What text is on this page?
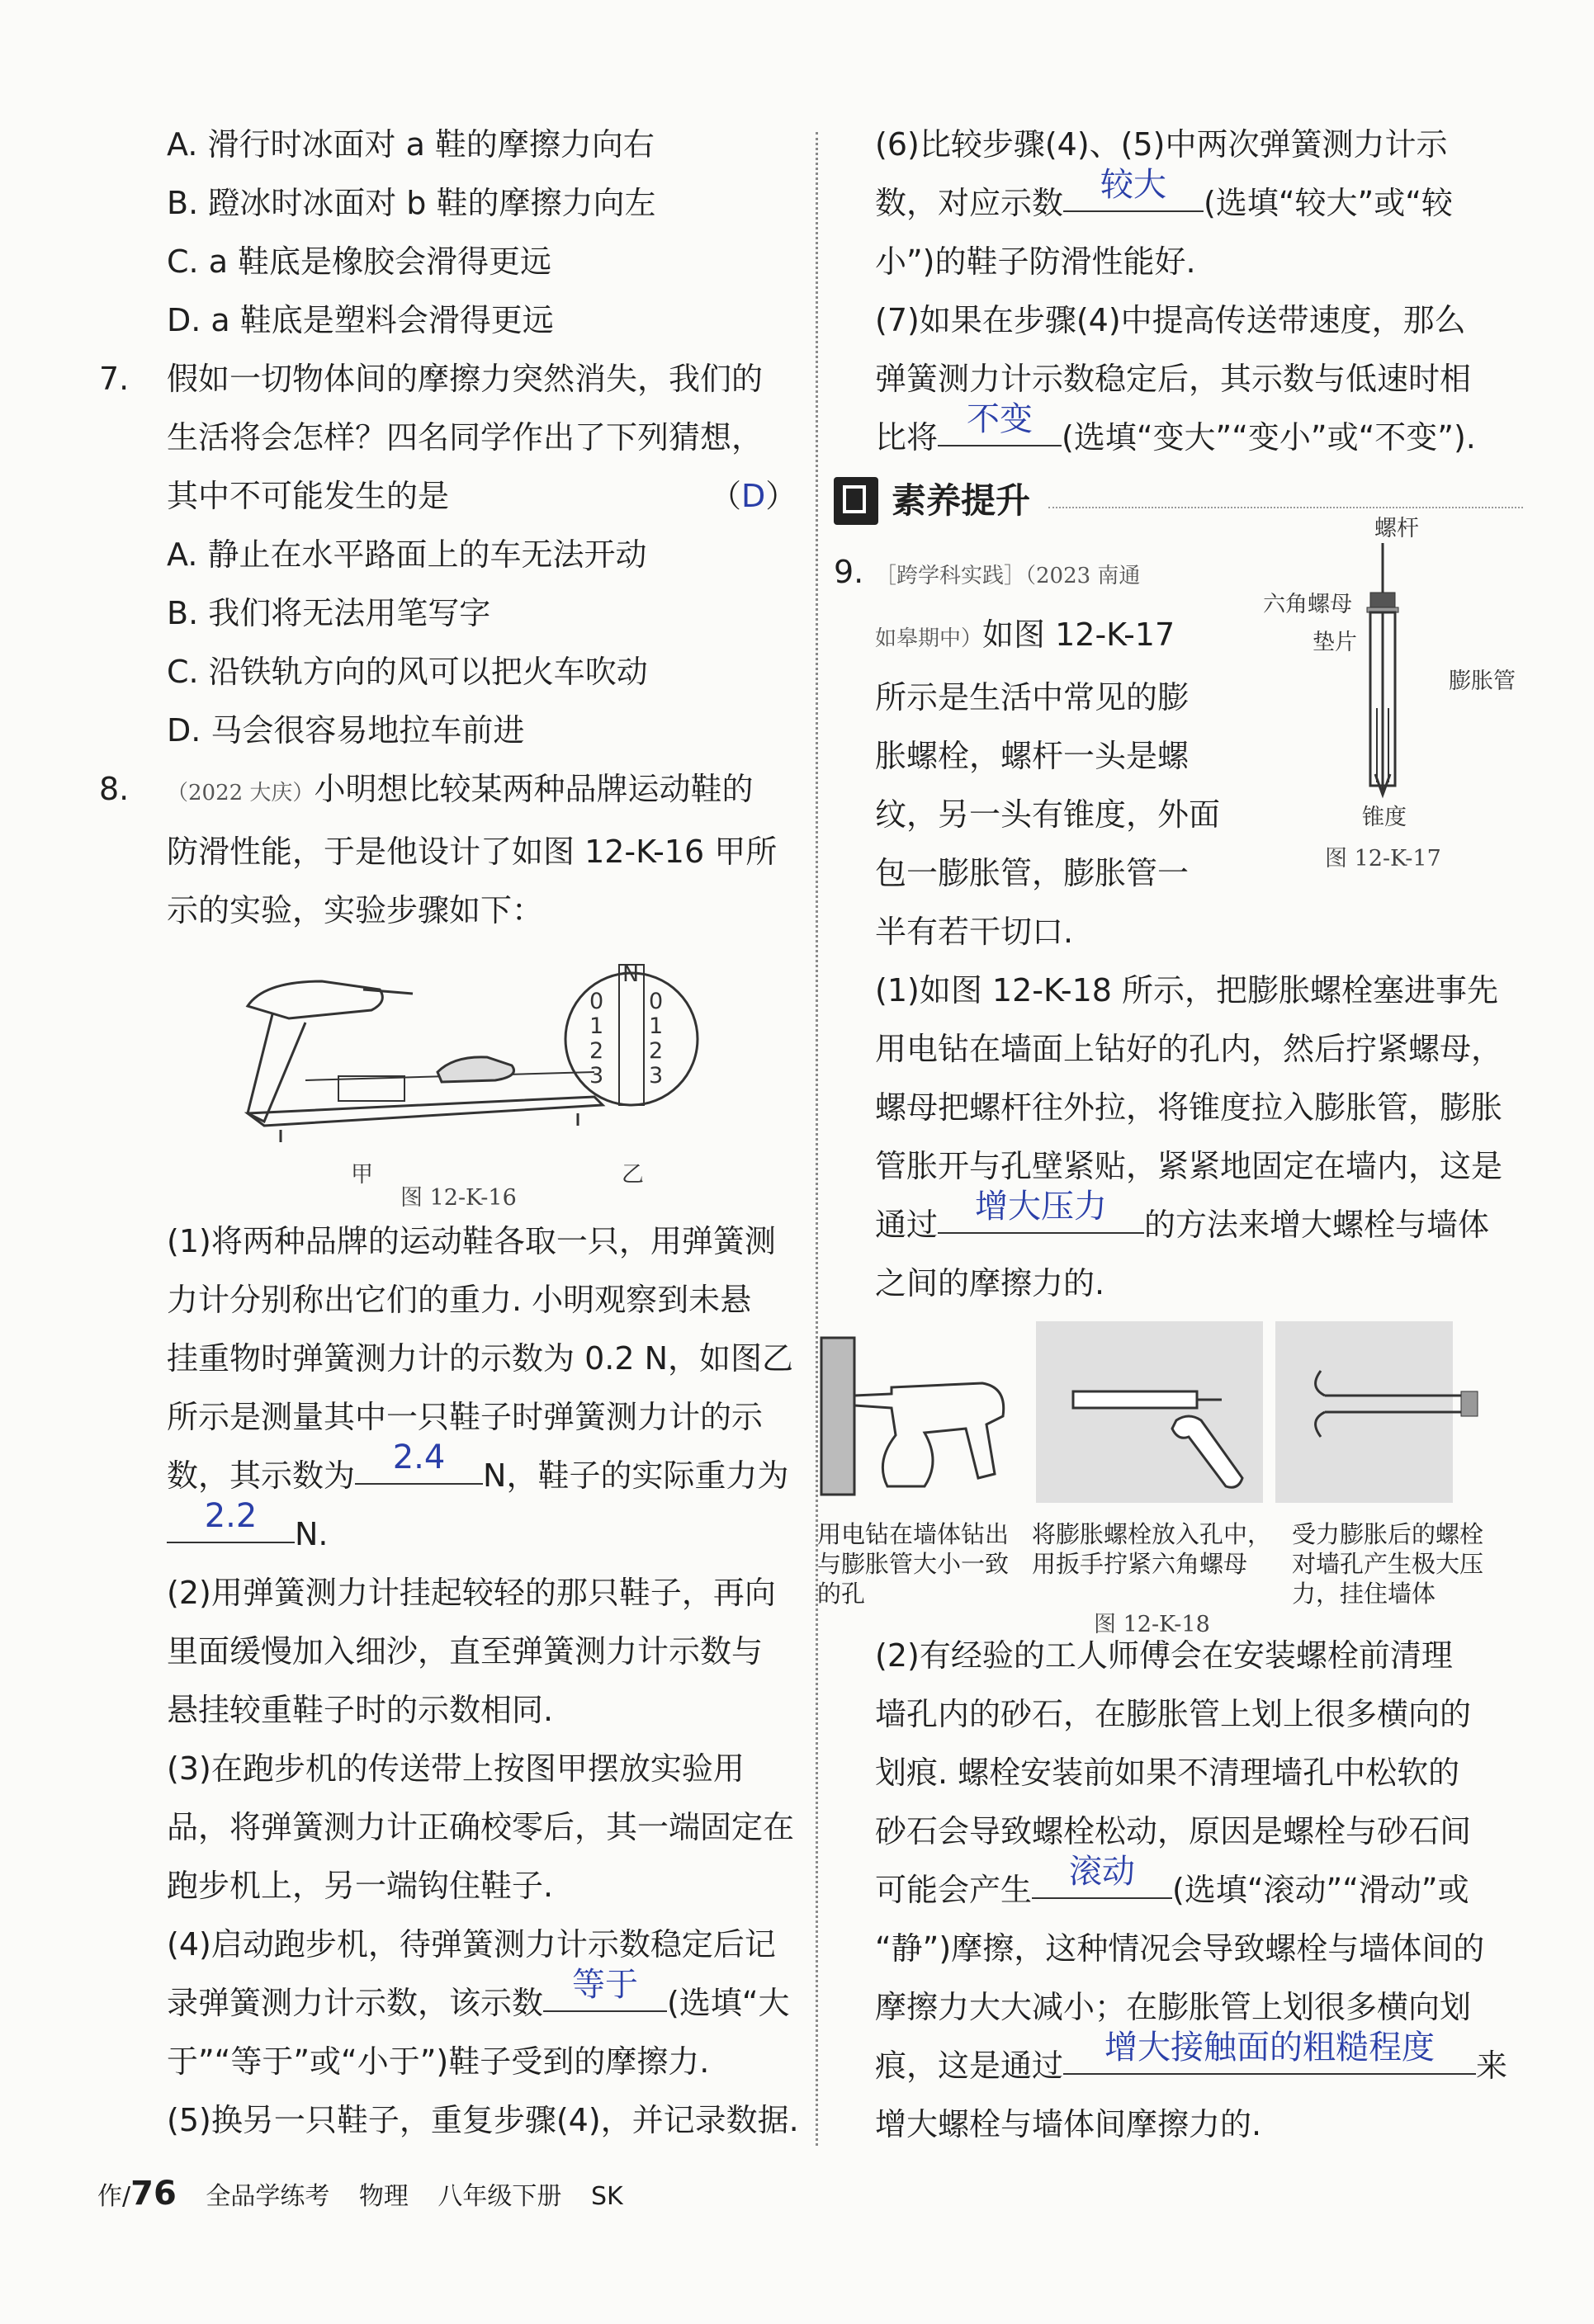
A. 滑行时冰面对 a 鞋的摩擦力向右
B. 蹬冰时冰面对 b 鞋的摩擦力向左
C. a 鞋底是橡胶会滑得更远
D. a 鞋底是塑料会滑得更远
7. 假如一切物体间的摩擦力突然消失，我们的
生活将会怎样？四名同学作出了下列猜想，
其中不可能发生的是	（D）
A. 静止在水平路面上的车无法开动
B. 我们将无法用笔写字
C. 沿铁轨方向的风可以把火车吹动
D. 马会很容易地拉车前进
8. （2022 大庆）小明想比较某两种品牌运动鞋的
防滑性能，于是他设计了如图 12-K-16 甲所
示的实验，实验步骤如下：
N
0
1
2
3
0
1
2
3
甲	乙
图 12-K-16
(1)将两种品牌的运动鞋各取一只，用弹簧测
力计分别称出它们的重力. 小明观察到未悬
挂重物时弹簧测力计的示数为 0.2 N，如图乙
所示是测量其中一只鞋子时弹簧测力计的示
数，其示数为 2.4 N，鞋子的实际重力为
2.2 N.
(2)用弹簧测力计挂起较轻的那只鞋子，再向
里面缓慢加入细沙，直至弹簧测力计示数与
悬挂较重鞋子时的示数相同.
(3)在跑步机的传送带上按图甲摆放实验用
品，将弹簧测力计正确校零后，其一端固定在
跑步机上，另一端钩住鞋子.
(4)启动跑步机，待弹簧测力计示数稳定后记
录弹簧测力计示数，该示数 等于 (选填“大
于”“等于”或“小于”)鞋子受到的摩擦力.
(5)换另一只鞋子，重复步骤(4)，并记录数据.
(6)比较步骤(4)、(5)中两次弹簧测力计示
数，对应示数 较大 (选填“较大”或“较
小”)的鞋子防滑性能好.
(7)如果在步骤(4)中提高传送带速度，那么
弹簧测力计示数稳定后，其示数与低速时相
比将 不变 (选填“变大”“变小”或“不变”).
素养提升
9. ［跨学科实践］（2023 南通
如皋期中）如图 12-K-17
所示是生活中常见的膨
胀螺栓，螺杆一头是螺
纹，另一头有锥度，外面
包一膨胀管，膨胀管一
半有若干切口.
螺杆
六角螺母
垫片
膨胀管
锥度
图 12-K-17
(1)如图 12-K-18 所示，把膨胀螺栓塞进事先
用电钻在墙面上钻好的孔内，然后拧紧螺母，
螺母把螺杆往外拉，将锥度拉入膨胀管，膨胀
管胀开与孔壁紧贴，紧紧地固定在墙内，这是
通过 增大压力 的方法来增大螺栓与墙体
之间的摩擦力的.
用电钻在墙体钻出
与膨胀管大小一致
的孔
将膨胀螺栓放入孔中，
用扳手拧紧六角螺母
受力膨胀后的螺栓
对墙孔产生极大压
力，挂住墙体
图 12-K-18
(2)有经验的工人师傅会在安装螺栓前清理
墙孔内的砂石，在膨胀管上划上很多横向的
划痕. 螺栓安装前如果不清理墙孔中松软的
砂石会导致螺栓松动，原因是螺栓与砂石间
可能会产生 滚动 (选填“滚动”“滑动”或
“静”)摩擦，这种情况会导致螺栓与墙体间的
摩擦力大大减小；在膨胀管上划很多横向划
痕，这是通过 增大接触面的粗糙程度 来
增大螺栓与墙体间摩擦力的.
作/76 全品学练考 物理 八年级下册 SK
